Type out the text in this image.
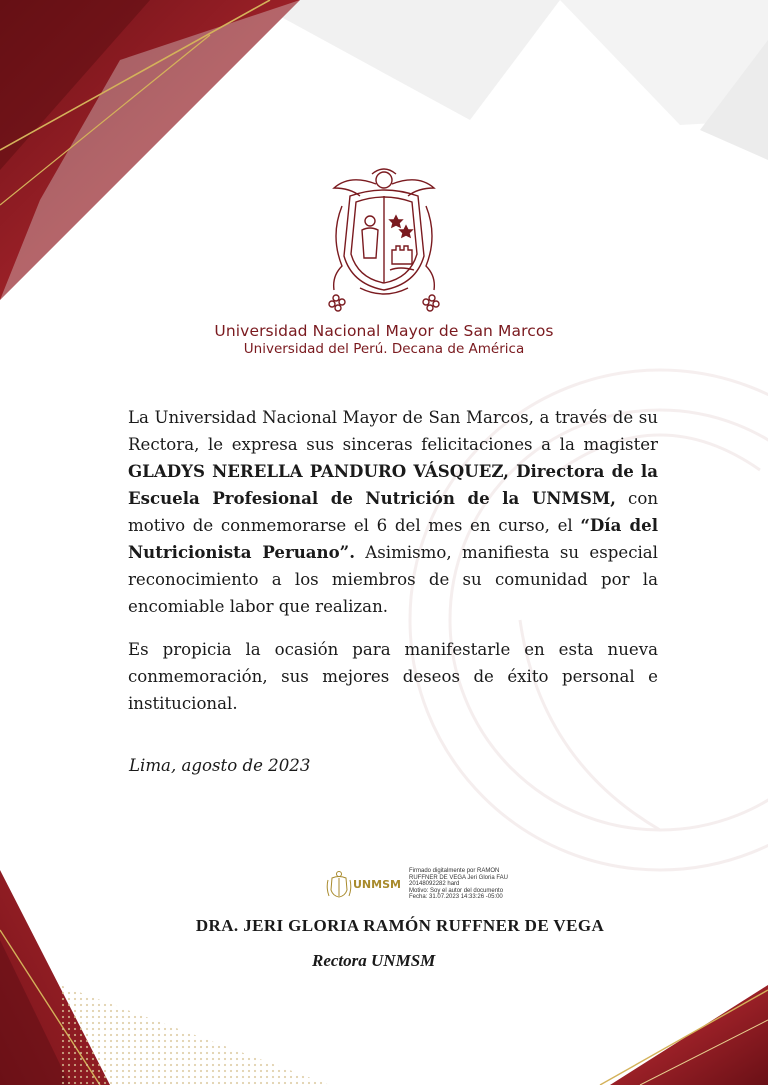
Universidad Nacional Mayor de San Marcos
Universidad del Perú. Decana de América

La Universidad Nacional Mayor de San Marcos, a través de su Rectora, le expresa sus sinceras felicitaciones a la magister GLADYS NERELLA PANDURO VÁSQUEZ, Directora de la Escuela Profesional de Nutrición de la UNMSM, con motivo de conmemorarse el 6 del mes en curso, el “Día del Nutricionista Peruano”. Asimismo, manifiesta su especial reconocimiento a los miembros de su comunidad por la encomiable labor que realizan.

Es propicia la ocasión para manifestarle en esta nueva conmemoración, sus mejores deseos de éxito personal e institucional.

Lima, agosto de 2023
UNMSM
Firmado digitalmente por RAMON
RUFFNER DE VEGA Jeri Gloria FAU
20148092282 hard
Motivo: Soy el autor del documento
Fecha: 31.07.2023 14:33:26 -05:00
DRA. JERI GLORIA RAMÓN RUFFNER DE VEGA
Rectora UNMSM
